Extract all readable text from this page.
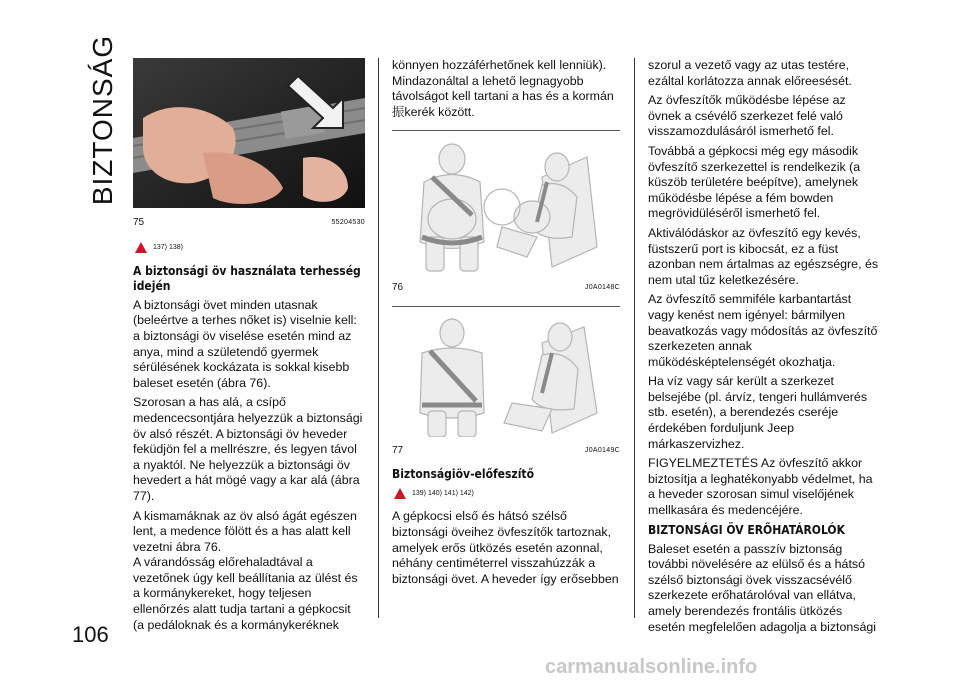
BIZTONSÁG
106
75	55204530
137) 138)

A biztonsági öv használata terhesség idején

A biztonsági övet minden utasnak (beleértve a terhes nőket is) viselnie kell: a biztonsági öv viselése esetén mind az anya, mind a születendő gyermek sérülésének kockázata is sokkal kisebb baleset esetén (ábra 76).

Szorosan a has alá, a csípő medencecsontjára helyezzük a biztonsági öv alsó részét. A biztonsági öv heveder feküdjön fel a mellrészre, és legyen távol a nyaktól. Ne helyezzük a biztonsági öv hevedert a hát mögé vagy a kar alá (ábra 77).

A kismamáknak az öv alsó ágát egészen lent, a medence fölött és a has alatt kell vezetni ábra 76.

A várandósság előrehaladtával a vezetőnek úgy kell beállítania az ülést és a kormánykereket, hogy teljesen ellenőrzés alatt tudja tartani a gépkocsit (a pedáloknak és a kormánykeréknek

könnyen hozzáférhetőnek kell lenniük). Mindazonáltal a lehető legnagyobb távolságot kell tartani a has és a kormán振kerék között.

76	J0A0148C
77	J0A0149C

Biztonságiöv-előfeszítő

139) 140) 141) 142)

A gépkocsi első és hátsó szélső biztonsági öveihez övfeszítők tartoznak, amelyek erős ütközés esetén azonnal, néhány centiméterrel visszahúzzák a biztonsági övet. A heveder így erősebben

szorul a vezető vagy az utas testére, ezáltal korlátozza annak előreesését.

Az övfeszítők működésbe lépése az övnek a csévélő szerkezet felé való visszamozdulásáról ismerhető fel.

Továbbá a gépkocsi még egy második övfeszítő szerkezettel is rendelkezik (a küszöb területére beépítve), amelynek működésbe lépése a fém bowden megrövidüléséről ismerhető fel.

Aktiválódáskor az övfeszítő egy kevés, füstszerű port is kibocsát, ez a füst azonban nem ártalmas az egészségre, és nem utal tűz keletkezésére.

Az övfeszítő semmiféle karbantartást vagy kenést nem igényel: bármilyen beavatkozás vagy módosítás az övfeszítő szerkezeten annak működésképtelenségét okozhatja.

Ha víz vagy sár került a szerkezet belsejébe (pl. árvíz, tengeri hullámverés stb. esetén), a berendezés cseréje érdekében forduljunk Jeep márkaszervizhez.

FIGYELMEZTETÉS Az övfeszítő akkor biztosítja a leghatékonyabb védelmet, ha a heveder szorosan simul viselőjének mellkasára és medencéjére.

BIZTONSÁGI ÖV ERŐHATÁROLÓK

Baleset esetén a passzív biztonság további növelésére az elülső és a hátsó szélső biztonsági övek visszacsévélő szerkezete erőhatárolóval van ellátva, amely berendezés frontális ütközés esetén megfelelően adagolja a biztonsági

carmanualsonline.info
